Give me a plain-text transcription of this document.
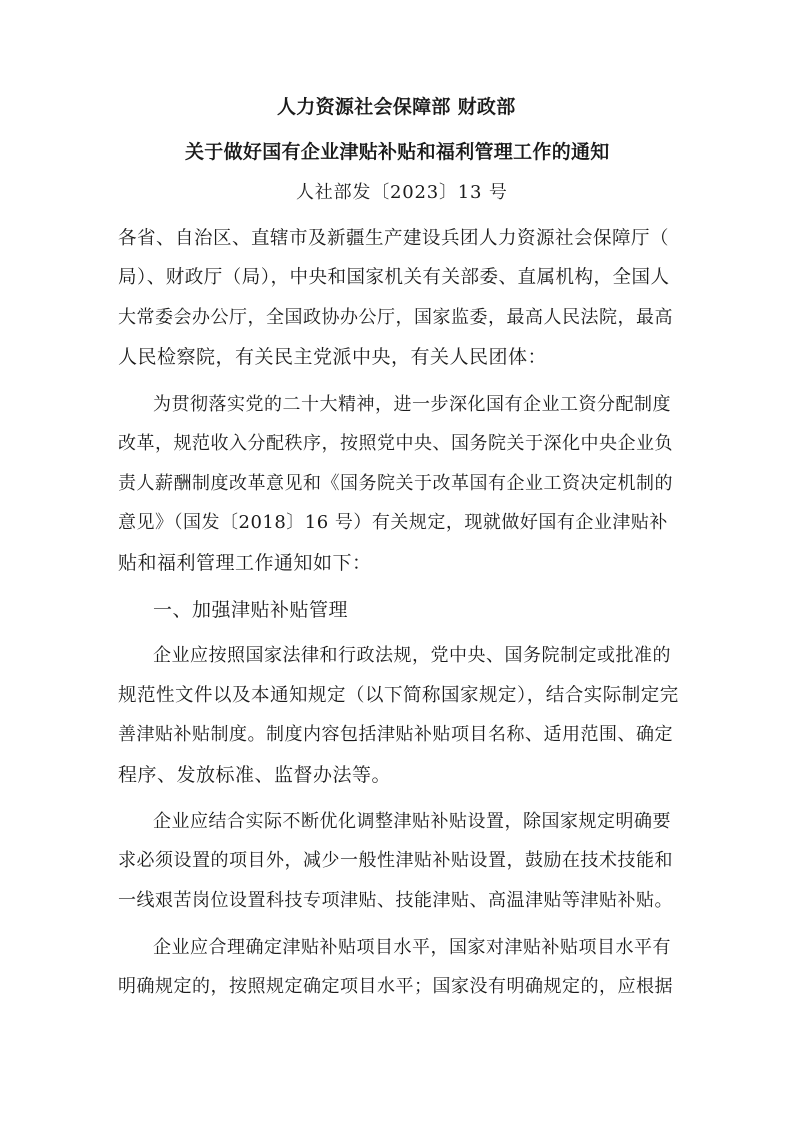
人力资源社会保障部 财政部
关于做好国有企业津贴补贴和福利管理工作的通知
人社部发〔2023〕13 号
各省、自治区、直辖市及新疆生产建设兵团人力资源社会保障厅（
局）、财政厅（局），中央和国家机关有关部委、直属机构，全国人
大常委会办公厅，全国政协办公厅，国家监委，最高人民法院，最高
人民检察院，有关民主党派中央，有关人民团体：
为贯彻落实党的二十大精神，进一步深化国有企业工资分配制度
改革，规范收入分配秩序，按照党中央、国务院关于深化中央企业负
责人薪酬制度改革意见和《国务院关于改革国有企业工资决定机制的
意见》（国发〔2018〕16 号）有关规定，现就做好国有企业津贴补
贴和福利管理工作通知如下：
一、加强津贴补贴管理
企业应按照国家法律和行政法规，党中央、国务院制定或批准的
规范性文件以及本通知规定（以下简称国家规定），结合实际制定完
善津贴补贴制度。制度内容包括津贴补贴项目名称、适用范围、确定
程序、发放标准、监督办法等。
企业应结合实际不断优化调整津贴补贴设置，除国家规定明确要
求必须设置的项目外，减少一般性津贴补贴设置，鼓励在技术技能和
一线艰苦岗位设置科技专项津贴、技能津贴、高温津贴等津贴补贴。
企业应合理确定津贴补贴项目水平，国家对津贴补贴项目水平有
明确规定的，按照规定确定项目水平；国家没有明确规定的，应根据
